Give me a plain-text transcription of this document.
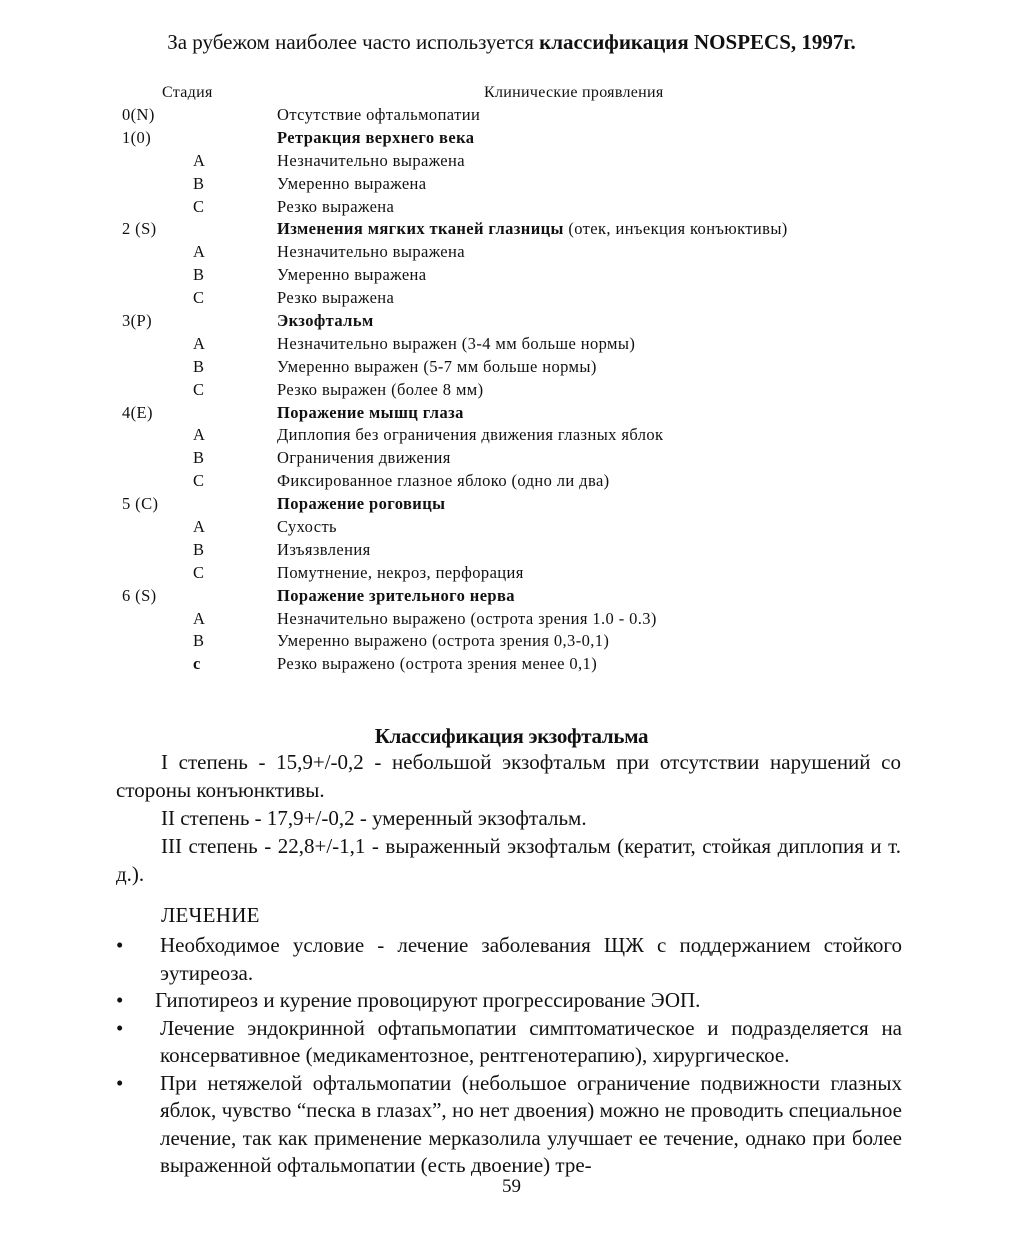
За рубежом наиболее часто используется классификация NOSPECS, 1997г.
Стадия	Клинические проявления
0(N)	Отсутствие офтальмопатии
1(0)	Ретракция верхнего века
A	Незначительно выражена
B	Умеренно выражена
C	Резко выражена
2 (S)	Изменения мягких тканей глазницы (отек, инъекция конъюктивы)
A	Незначительно выражена
B	Умеренно выражена
C	Резко выражена
3(P)	Экзофтальм
A	Незначительно выражен (3-4 мм больше нормы)
B	Умеренно выражен (5-7 мм больше нормы)
C	Резко выражен (более 8 мм)
4(E)	Поражение мышц глаза
A	Диплопия без ограничения движения глазных яблок
B	Ограничения движения
C	Фиксированное глазное яблоко (одно ли два)
5 (C)	Поражение роговицы
A	Сухость
B	Изъязвления
C	Помутнение, некроз, перфорация
6 (S)	Поражение зрительного нерва
A	Незначительно выражено (острота зрения 1.0 - 0.3)
B	Умеренно выражено (острота зрения 0,3-0,1)
c	Резко выражено (острота зрения менее 0,1)
Классификация экзофтальма

I степень - 15,9+/-0,2 - небольшой экзофтальм при отсутствии нарушений со стороны конъюнктивы.

II степень - 17,9+/-0,2 - умеренный экзофтальм.

III степень - 22,8+/-1,1 - выраженный экзофтальм (кератит, стойкая диплопия и т. д.).

ЛЕЧЕНИЕ
• Необходимое условие - лечение заболевания ЩЖ с поддержанием стойкого эутиреоза.
• Гипотиреоз и курение провоцируют прогрессирование ЭОП.
• Лечение эндокринной офтапьмопатии симптоматическое и подразделяется на консервативное (медикаментозное, рентгенотерапию), хирургическое.
• При нетяжелой офтальмопатии (небольшое ограничение подвижности глазных яблок, чувство “песка в глазах”, но нет двоения) можно не проводить специальное лечение, так как применение мерказолила улучшает ее течение, однако при более выраженной офтальмопатии (есть двоение) тре-
59
